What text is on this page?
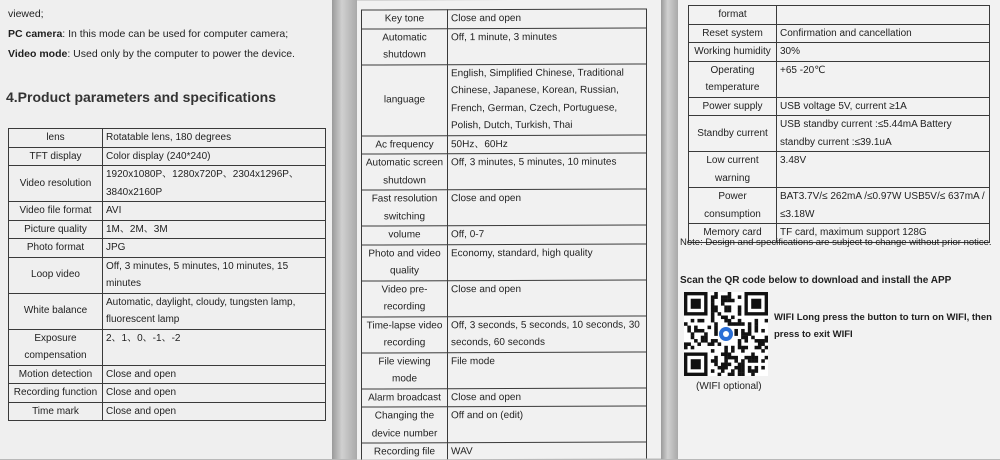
viewed;
PC camera: In this mode can be used for computer camera;
Video mode: Used only by the computer to power the device.
4.Product parameters and specifications
lens	Rotatable lens, 180 degrees
TFT display	Color display (240*240)
Video resolution	1920x1080P、1280x720P、2304x1296P、3840x2160P
Video file format	AVI
Picture quality	1M、2M、3M
Photo format	JPG
Loop video	Off, 3 minutes, 5 minutes, 10 minutes, 15 minutes
White balance	Automatic, daylight, cloudy, tungsten lamp, fluorescent lamp
Exposure compensation	2、1、0、-1、-2
Motion detection	Close and open
Recording function	Close and open
Time mark	Close and open
Key tone	Close and open
Automatic shutdown	Off, 1 minute, 3 minutes
language	English, Simplified Chinese, Traditional Chinese, Japanese, Korean, Russian, French, German, Czech, Portuguese, Polish, Dutch, Turkish, Thai
Ac frequency	50Hz、60Hz
Automatic screen shutdown	Off, 3 minutes, 5 minutes, 10 minutes
Fast resolution switching	Close and open
volume	Off, 0-7
Photo and video quality	Economy, standard, high quality
Video pre-recording	Close and open
Time-lapse video recording	Off, 3 seconds, 5 seconds, 10 seconds, 30 seconds, 60 seconds
File viewing mode	File mode
Alarm broadcast	Close and open
Changing the device number	Off and on (edit)
Recording file	WAV
format	
Reset system	Confirmation and cancellation
Working humidity	30%
Operating temperature	+65 -20℃
Power supply	USB voltage 5V, current ≥1A
Standby current	USB standby current :≤5.44mA Battery standby current :≤39.1uA
Low current warning	3.48V
Power consumption	BAT3.7V/≤ 262mA /≤0.97W USB5V/≤ 637mA /≤3.18W
Memory card	TF card, maximum support 128G
Note: Design and specifications are subject to change without prior notice.
Scan the QR code below to download and install the APP
WIFI Long press the button to turn on WIFI, then press to exit WIFI
(WIFI optional)
